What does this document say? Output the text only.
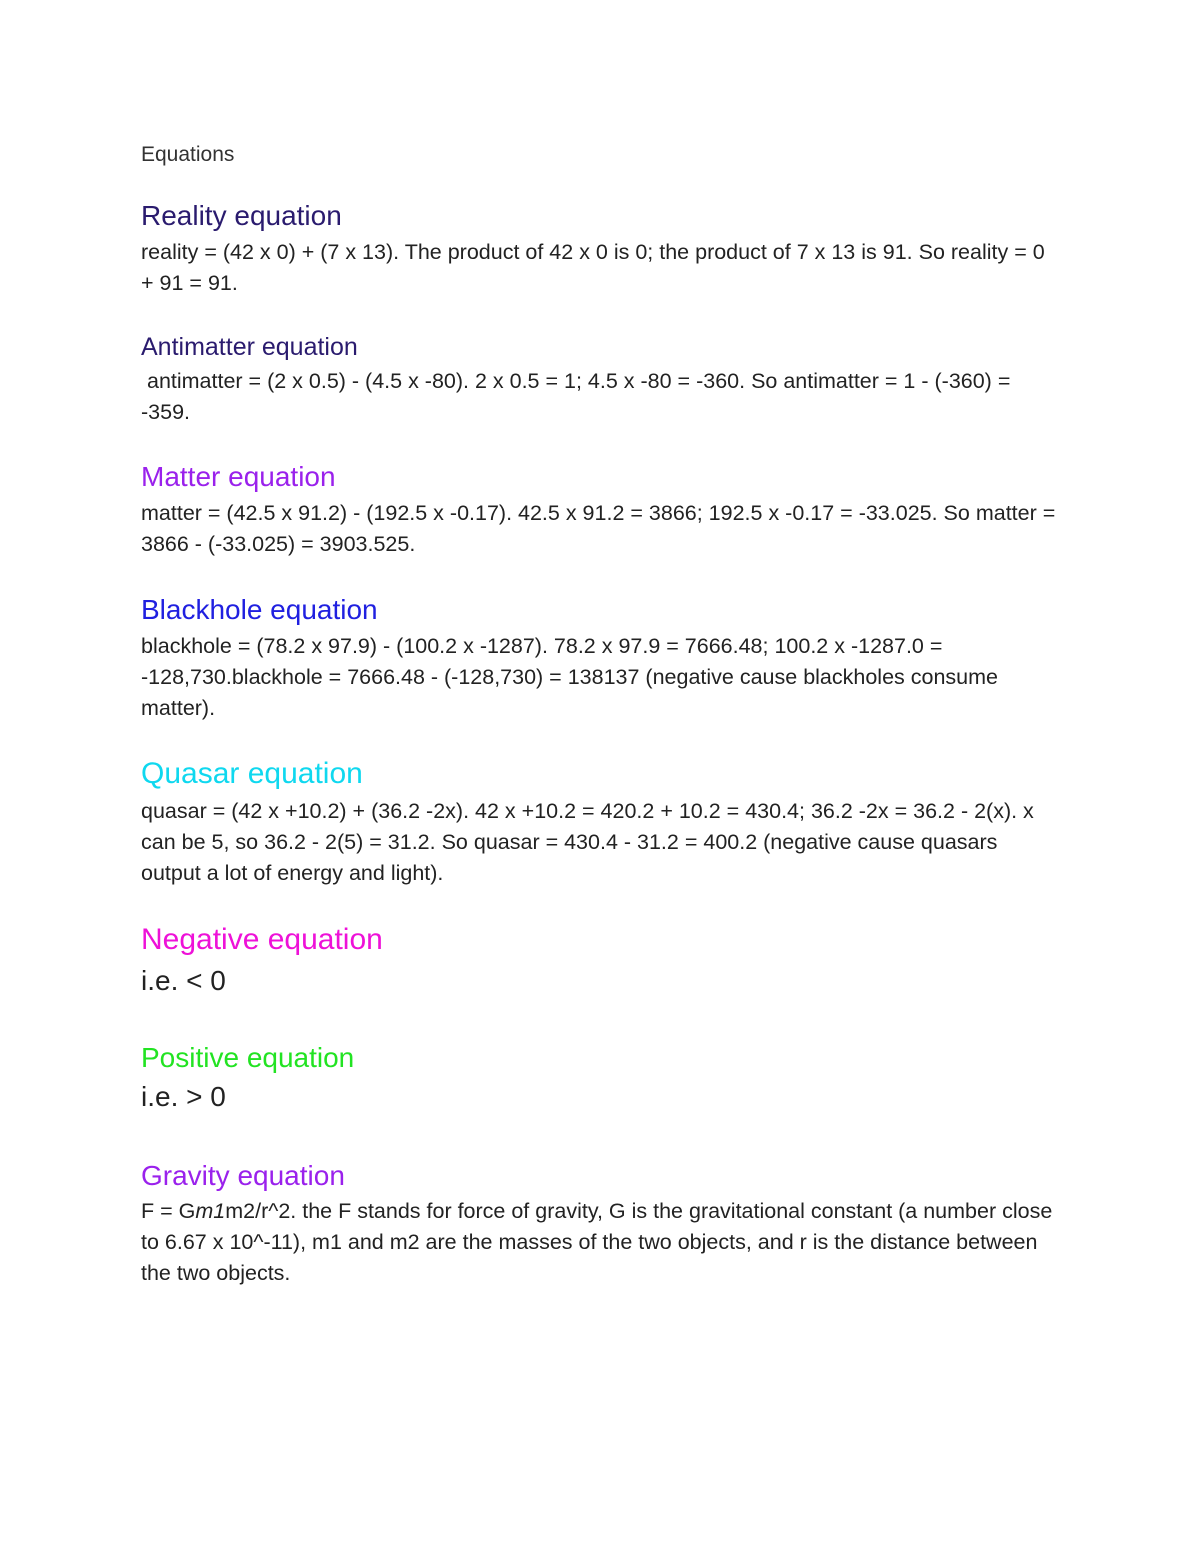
Equations
Reality equation
reality = (42 x 0) + (7 x 13). The product of 42 x 0 is 0; the product of 7 x 13 is 91. So reality = 0 + 91 = 91.
Antimatter equation
antimatter = (2 x 0.5) - (4.5 x -80). 2 x 0.5 = 1; 4.5 x -80 = -360. So antimatter = 1 - (-360) = -359.
Matter equation
matter = (42.5 x 91.2) - (192.5 x -0.17). 42.5 x 91.2 = 3866; 192.5 x -0.17 = -33.025. So matter = 3866 - (-33.025) = 3903.525.
Blackhole equation
blackhole = (78.2 x 97.9) - (100.2 x -1287). 78.2 x 97.9 = 7666.48; 100.2 x -1287.0 = -128,730.blackhole = 7666.48 - (-128,730) = 138137 (negative cause blackholes consume matter).
Quasar equation
quasar = (42 x +10.2) + (36.2 -2x). 42 x +10.2 = 420.2 + 10.2 = 430.4; 36.2 -2x = 36.2 - 2(x). x can be 5, so 36.2 - 2(5) = 31.2. So quasar = 430.4 - 31.2 = 400.2 (negative cause quasars output a lot of energy and light).
Negative equation
i.e. < 0
Positive equation
i.e. > 0
Gravity equation
F = Gm1m2/r^2. the F stands for force of gravity, G is the gravitational constant (a number close to 6.67 x 10^-11), m1 and m2 are the masses of the two objects, and r is the distance between the two objects.
